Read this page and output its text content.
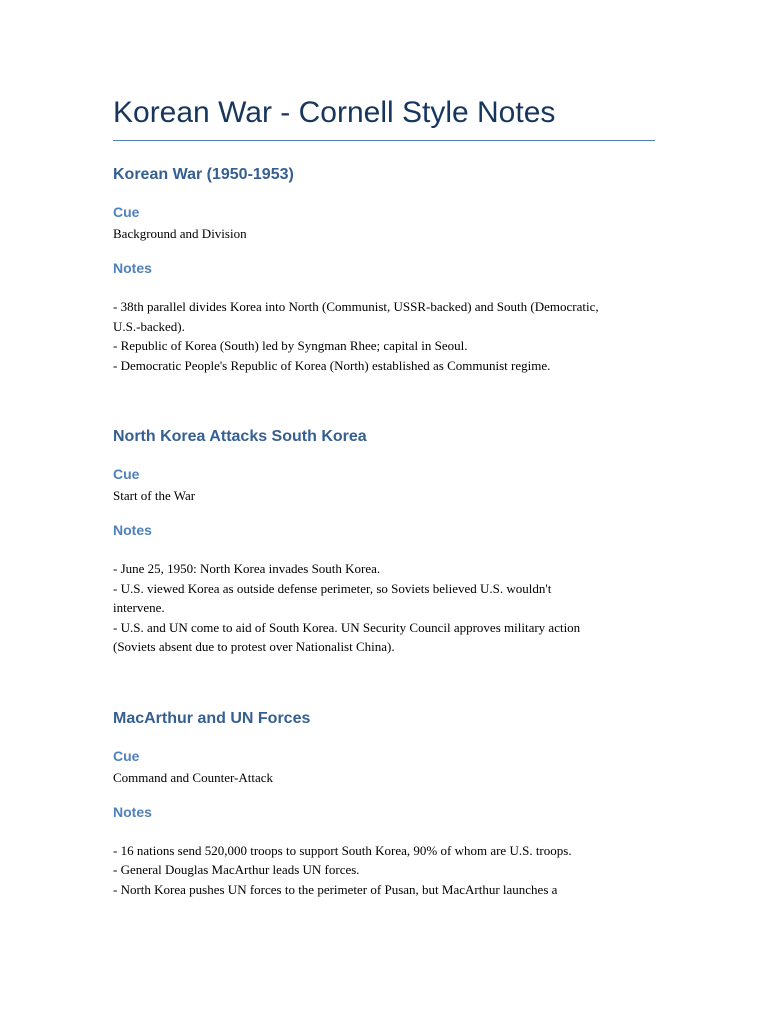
Korean War - Cornell Style Notes
Korean War (1950-1953)
Cue

Background and Division

Notes
- 38th parallel divides Korea into North (Communist, USSR-backed) and South (Democratic,
U.S.-backed).
- Republic of Korea (South) led by Syngman Rhee; capital in Seoul.
- Democratic People's Republic of Korea (North) established as Communist regime.
North Korea Attacks South Korea
Cue

Start of the War

Notes
- June 25, 1950: North Korea invades South Korea.
- U.S. viewed Korea as outside defense perimeter, so Soviets believed U.S. wouldn't
intervene.
- U.S. and UN come to aid of South Korea. UN Security Council approves military action
(Soviets absent due to protest over Nationalist China).
MacArthur and UN Forces
Cue

Command and Counter-Attack

Notes
- 16 nations send 520,000 troops to support South Korea, 90% of whom are U.S. troops.
- General Douglas MacArthur leads UN forces.
- North Korea pushes UN forces to the perimeter of Pusan, but MacArthur launches a
